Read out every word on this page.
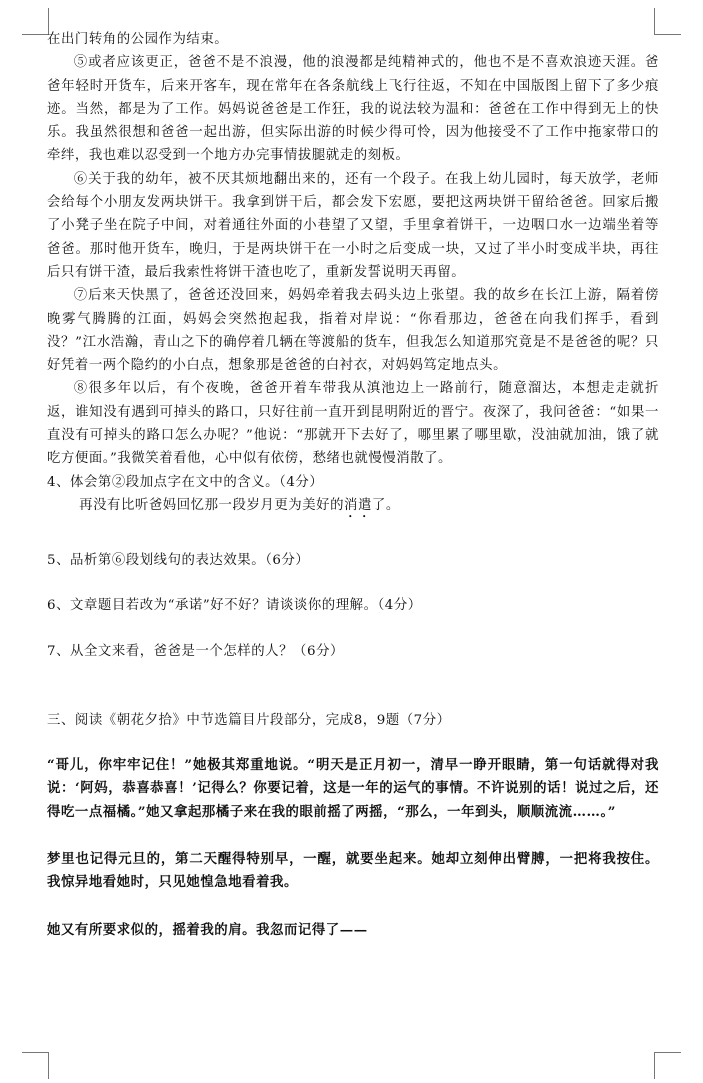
在出门转角的公园作为结束。

⑤或者应该更正，爸爸不是不浪漫，他的浪漫都是纯精神式的，他也不是不喜欢浪迹天涯。爸爸年轻时开货车，后来开客车，现在常年在各条航线上飞行往返，不知在中国版图上留下了多少痕迹。当然，都是为了工作。妈妈说爸爸是工作狂，我的说法较为温和：爸爸在工作中得到无上的快乐。我虽然很想和爸爸一起出游，但实际出游的时候少得可怜，因为他接受不了工作中拖家带口的牵绊，我也难以忍受到一个地方办完事情拔腿就走的刻板。

⑥关于我的幼年，被不厌其烦地翻出来的，还有一个段子。在我上幼儿园时，每天放学，老师会给每个小朋友发两块饼干。我拿到饼干后，都会发下宏愿，要把这两块饼干留给爸爸。回家后搬了小凳子坐在院子中间，对着通往外面的小巷望了又望，手里拿着饼干，一边咽口水一边端坐着等爸爸。那时他开货车，晚归，于是两块饼干在一小时之后变成一块，又过了半小时变成半块，再往后只有饼干渣，最后我索性将饼干渣也吃了，重新发誓说明天再留。

⑦后来天快黑了，爸爸还没回来，妈妈牵着我去码头边上张望。我的故乡在长江上游，隔着傍晚雾气腾腾的江面，妈妈会突然抱起我，指着对岸说：“你看那边，爸爸在向我们挥手，看到没？”江水浩瀚，青山之下的确停着几辆在等渡船的货车，但我怎么知道那究竟是不是爸爸的呢？只好凭着一两个隐约的小白点，想象那是爸爸的白衬衣，对妈妈笃定地点头。

⑧很多年以后，有个夜晚，爸爸开着车带我从滇池边上一路前行，随意溜达，本想走走就折返，谁知没有遇到可掉头的路口，只好往前一直开到昆明附近的晋宁。夜深了，我问爸爸：“如果一直没有可掉头的路口怎么办呢？”他说：“那就开下去好了，哪里累了哪里歇，没油就加油，饿了就吃方便面。”我微笑着看他，心中似有依傍，愁绪也就慢慢消散了。

4、体会第②段加点字在文中的含义。（4分）

再没有比听爸妈回忆那一段岁月更为美好的消遣了。

5、品析第⑥段划线句的表达效果。（6分）

6、文章题目若改为“承诺”好不好？请谈谈你的理解。（4分）

7、从全文来看，爸爸是一个怎样的人？（6分）

三、阅读《朝花夕拾》中节选篇目片段部分，完成8，9题（7分）

“哥儿，你牢牢记住！”她极其郑重地说。“明天是正月初一，清早一睁开眼睛，第一句话就得对我说：‘阿妈，恭喜恭喜！’记得么？你要记着，这是一年的运气的事情。不许说别的话！说过之后，还得吃一点福橘。”她又拿起那橘子来在我的眼前摇了两摇，“那么，一年到头，顺顺流流……。”

梦里也记得元旦的，第二天醒得特别早，一醒，就要坐起来。她却立刻伸出臂膊，一把将我按住。我惊异地看她时，只见她惶急地看着我。

她又有所要求似的，摇着我的肩。我忽而记得了——
